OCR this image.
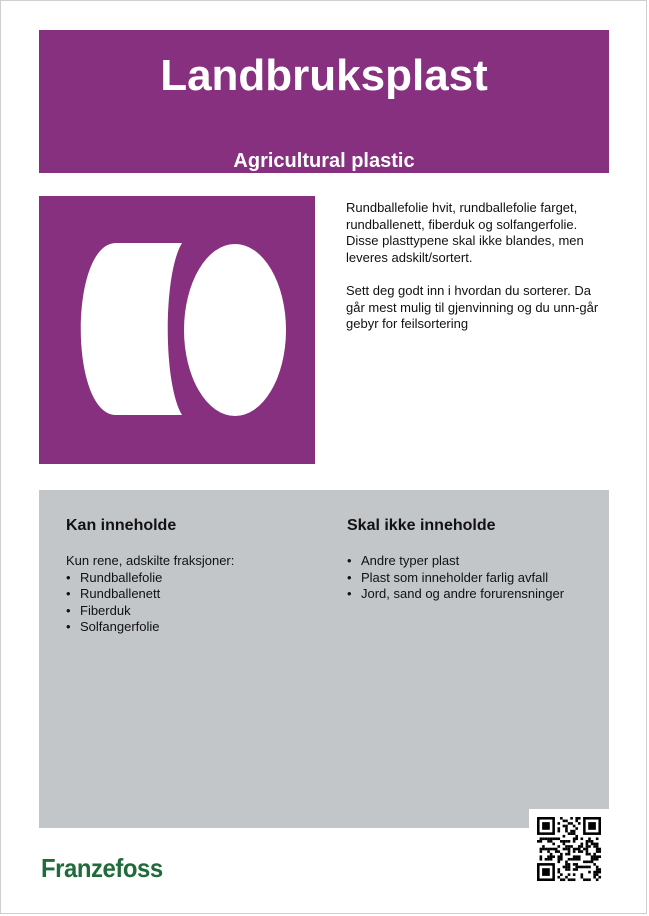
Landbruksplast
Agricultural plastic

Rundballefolie hvit, rundballefolie farget, rundballenett, fiberduk og solfangerfolie. Disse plasttypene skal ikke blandes, men leveres adskilt/sortert.

Sett deg godt inn i hvordan du sorterer. Da går mest mulig til gjenvinning og du unn-går gebyr for feilsortering

Kan inneholde

Kun rene, adskilte fraksjoner:

• Rundballefolie
• Rundballenett
• Fiberduk
• Solfangerfolie
Skal ikke inneholde
• Andre typer plast
• Plast som inneholder farlig avfall
• Jord, sand og andre forurensninger
Franzefoss
